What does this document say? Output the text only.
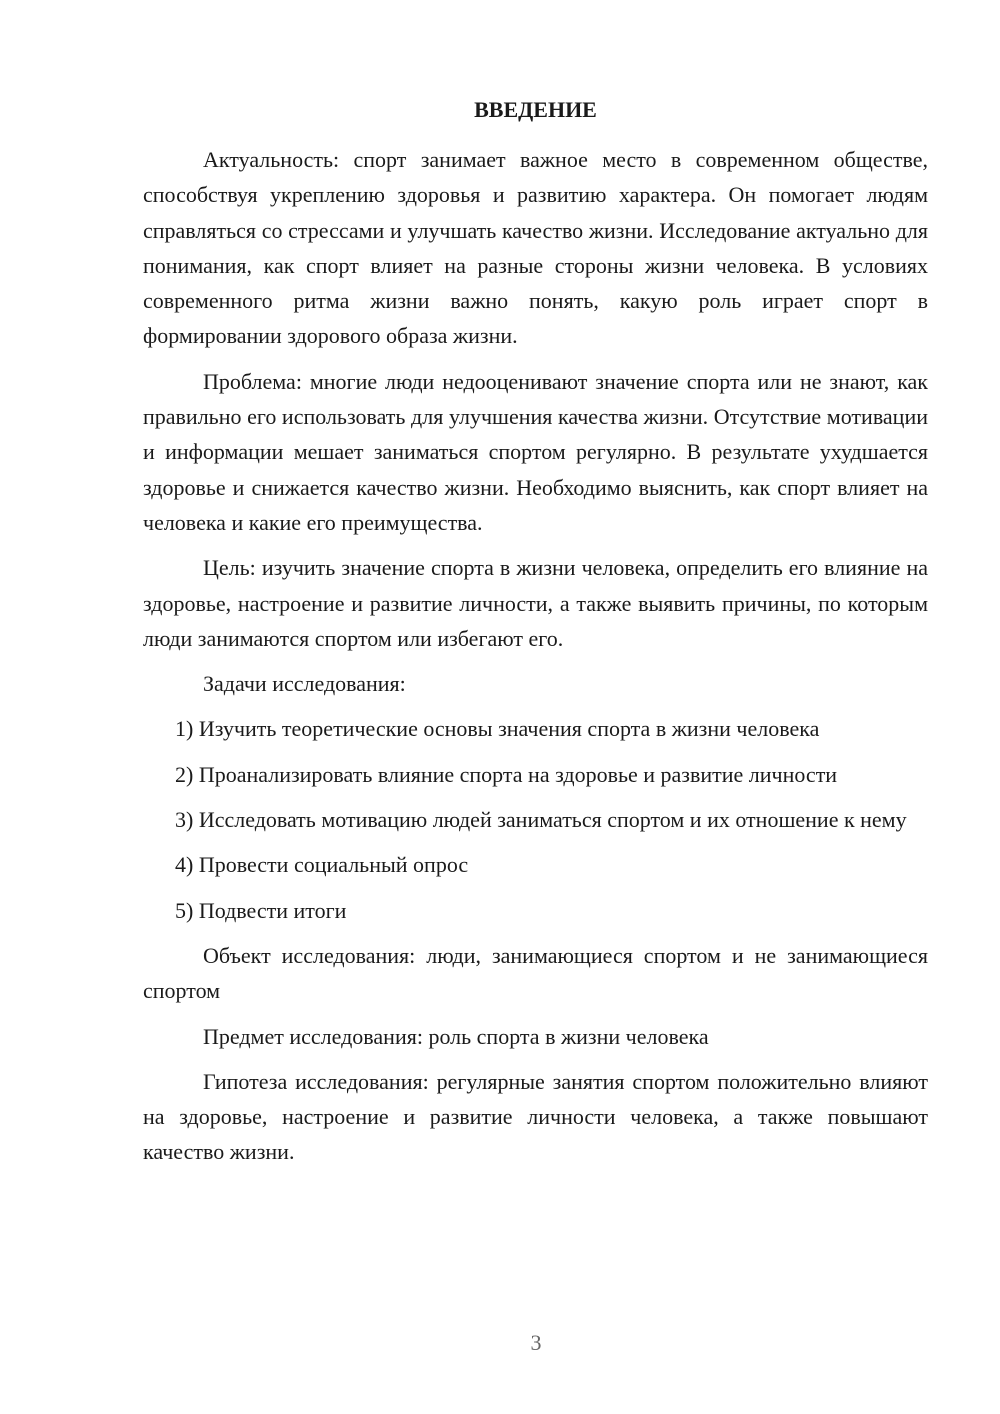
ВВЕДЕНИЕ

Актуальность: спорт занимает важное место в современном обществе, способствуя укреплению здоровья и развитию характера. Он помогает людям справляться со стрессами и улучшать качество жизни. Исследование актуально для понимания, как спорт влияет на разные стороны жизни человека. В условиях современного ритма жизни важно понять, какую роль играет спорт в формировании здорового образа жизни.

Проблема: многие люди недооценивают значение спорта или не знают, как правильно его использовать для улучшения качества жизни. Отсутствие мотивации и информации мешает заниматься спортом регулярно. В результате ухудшается здоровье и снижается качество жизни. Необходимо выяснить, как спорт влияет на человека и какие его преимущества.

Цель: изучить значение спорта в жизни человека, определить его влияние на здоровье, настроение и развитие личности, а также выявить причины, по которым люди занимаются спортом или избегают его.

Задачи исследования:

1) Изучить теоретические основы значения спорта в жизни человека

2) Проанализировать влияние спорта на здоровье и развитие личности

3) Исследовать мотивацию людей заниматься спортом и их отношение к нему

4) Провести социальный опрос

5) Подвести итоги

Объект исследования: люди, занимающиеся спортом и не занимающиеся спортом

Предмет исследования: роль спорта в жизни человека

Гипотеза исследования: регулярные занятия спортом положительно влияют на здоровье, настроение и развитие личности человека, а также повышают качество жизни.

3
